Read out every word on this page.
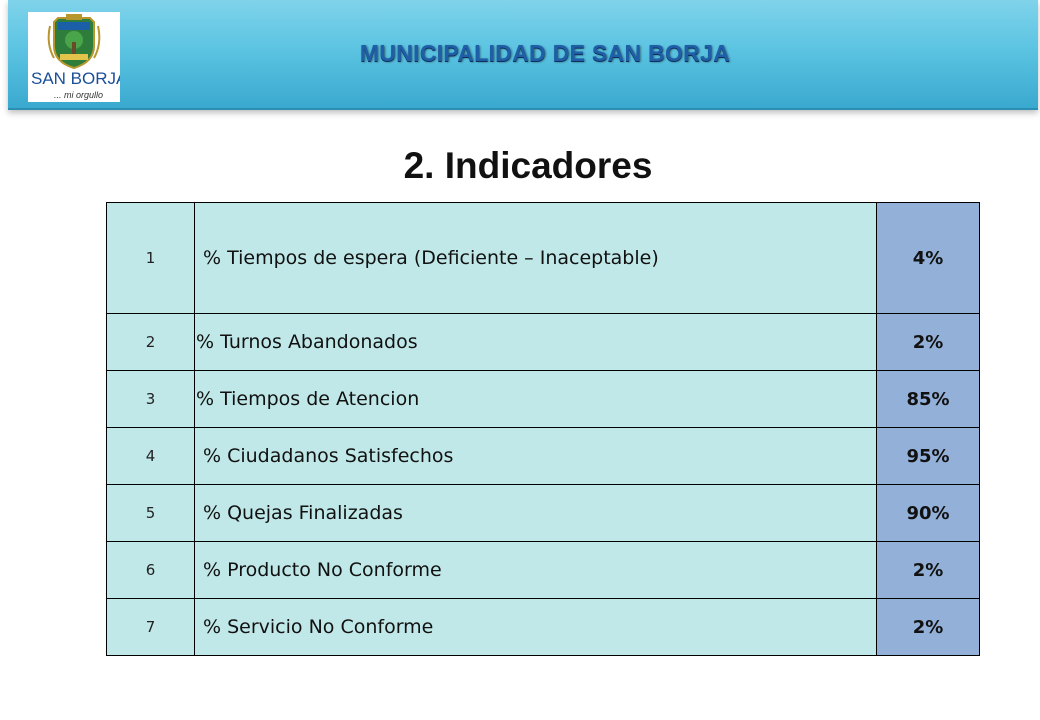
SAN BORJA
... mi orgullo
MUNICIPALIDAD DE SAN BORJA
2. Indicadores
1	% Tiempos de espera (Deficiente – Inaceptable)	4%
2	% Turnos Abandonados	2%
3	% Tiempos de Atencion	85%
4	% Ciudadanos Satisfechos	95%
5	% Quejas Finalizadas	90%
6	% Producto No Conforme	2%
7	% Servicio No Conforme	2%
